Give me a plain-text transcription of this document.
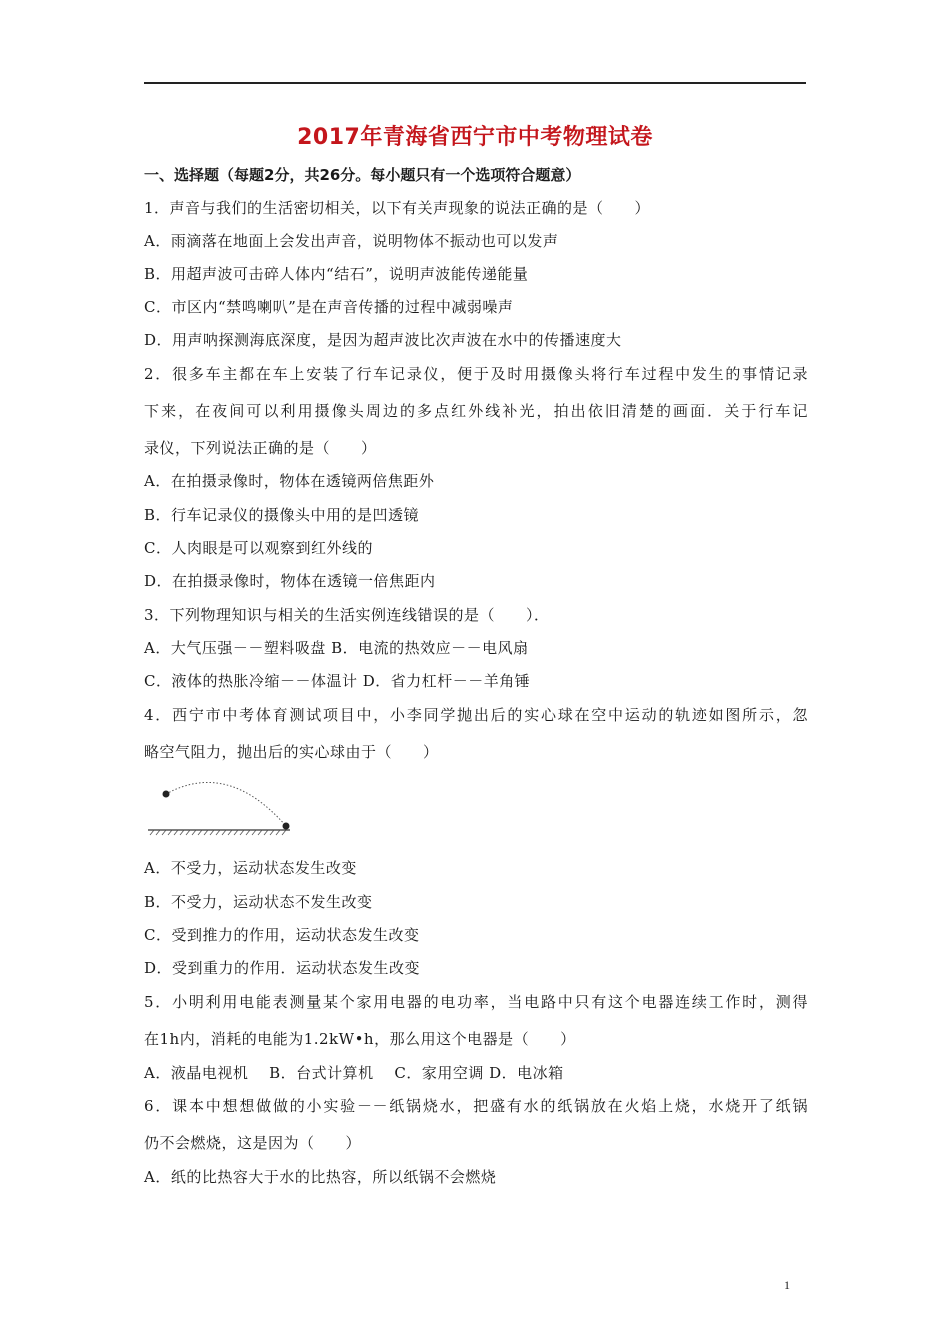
2017年青海省西宁市中考物理试卷
一、选择题（每题2分，共26分。每小题只有一个选项符合题意）
1．声音与我们的生活密切相关，以下有关声现象的说法正确的是（　　）
A．雨滴落在地面上会发出声音，说明物体不振动也可以发声
B．用超声波可击碎人体内“结石”，说明声波能传递能量
C．市区内“禁鸣喇叭”是在声音传播的过程中减弱噪声
D．用声呐探测海底深度，是因为超声波比次声波在水中的传播速度大
2．很多车主都在车上安装了行车记录仪，便于及时用摄像头将行车过程中发生的事情记录
下来，在夜间可以利用摄像头周边的多点红外线补光，拍出依旧清楚的画面．关于行车记
录仪，下列说法正确的是（　　）
A．在拍摄录像时，物体在透镜两倍焦距外
B．行车记录仪的摄像头中用的是凹透镜
C．人肉眼是可以观察到红外线的
D．在拍摄录像时，物体在透镜一倍焦距内
3．下列物理知识与相关的生活实例连线错误的是（　　）．
A．大气压强－－塑料吸盘 B．电流的热效应－－电风扇
C．液体的热胀冷缩－－体温计 D．省力杠杆－－羊角锤
4．西宁市中考体育测试项目中，小李同学抛出后的实心球在空中运动的轨迹如图所示，忽
略空气阻力，抛出后的实心球由于（　　）
A．不受力，运动状态发生改变
B．不受力，运动状态不发生改变
C．受到推力的作用，运动状态发生改变
D．受到重力的作用．运动状态发生改变
5．小明利用电能表测量某个家用电器的电功率，当电路中只有这个电器连续工作时，测得
在1h内，消耗的电能为1.2kW•h，那么用这个电器是（　　）
A．液晶电视机　 B．台式计算机　 C．家用空调 D．电冰箱
6．课本中想想做做的小实验－－纸锅烧水，把盛有水的纸锅放在火焰上烧，水烧开了纸锅
仍不会燃烧，这是因为（　　）
A．纸的比热容大于水的比热容，所以纸锅不会燃烧
1
